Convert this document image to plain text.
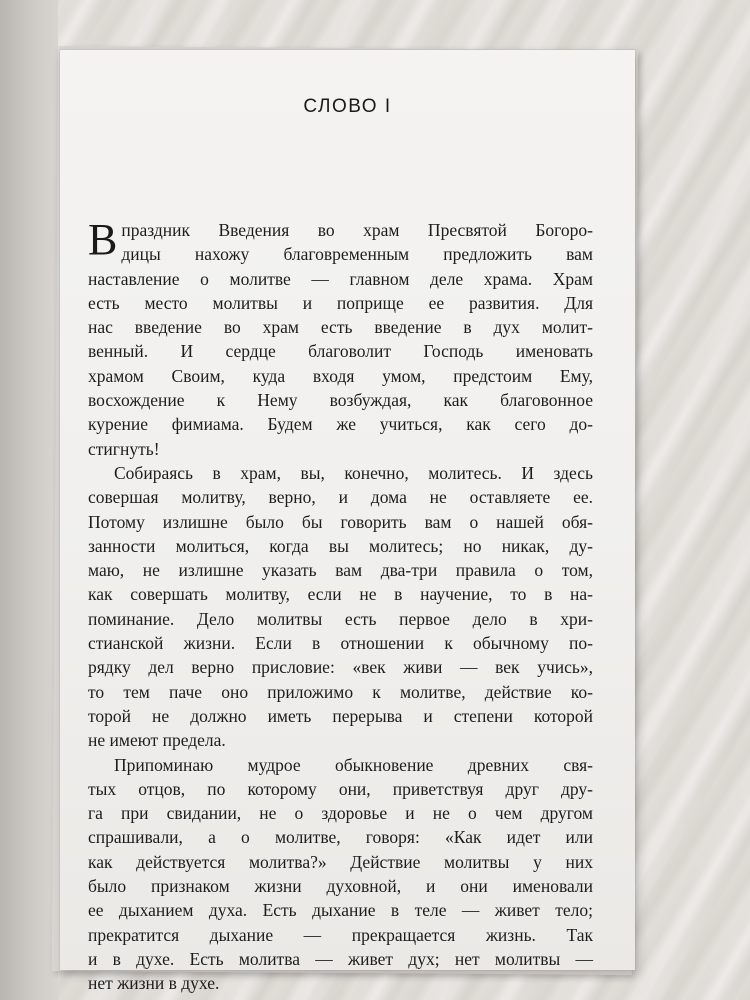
СЛОВО I
В праздник Введения во храм Пресвятой Богоро-
дицы нахожу благовременным предложить вам
наставление о молитве — главном деле храма. Храм
есть место молитвы и поприще ее развития. Для
нас введение во храм есть введение в дух молит-
венный. И сердце благоволит Господь именовать
храмом Своим, куда входя умом, предстоим Ему,
восхождение к Нему возбуждая, как благовонное
курение фимиама. Будем же учиться, как сего до-
стигнуть!
Собираясь в храм, вы, конечно, молитесь. И здесь
совершая молитву, верно, и дома не оставляете ее.
Потому излишне было бы говорить вам о нашей обя-
занности молиться, когда вы молитесь; но никак, ду-
маю, не излишне указать вам два-три правила о том,
как совершать молитву, если не в научение, то в на-
поминание. Дело молитвы есть первое дело в хри-
стианской жизни. Если в отношении к обычному по-
рядку дел верно присловие: «век живи — век учись»,
то тем паче оно приложимо к молитве, действие ко-
торой не должно иметь перерыва и степени которой
не имеют предела.
Припоминаю мудрое обыкновение древних свя-
тых отцов, по которому они, приветствуя друг дру-
га при свидании, не о здоровье и не о чем другом
спрашивали, а о молитве, говоря: «Как идет или
как действуется молитва?» Действие молитвы у них
было признаком жизни духовной, и они именовали
ее дыханием духа. Есть дыхание в теле — живет тело;
прекратится дыхание — прекращается жизнь. Так
и в духе. Есть молитва — живет дух; нет молитвы —
нет жизни в духе.
